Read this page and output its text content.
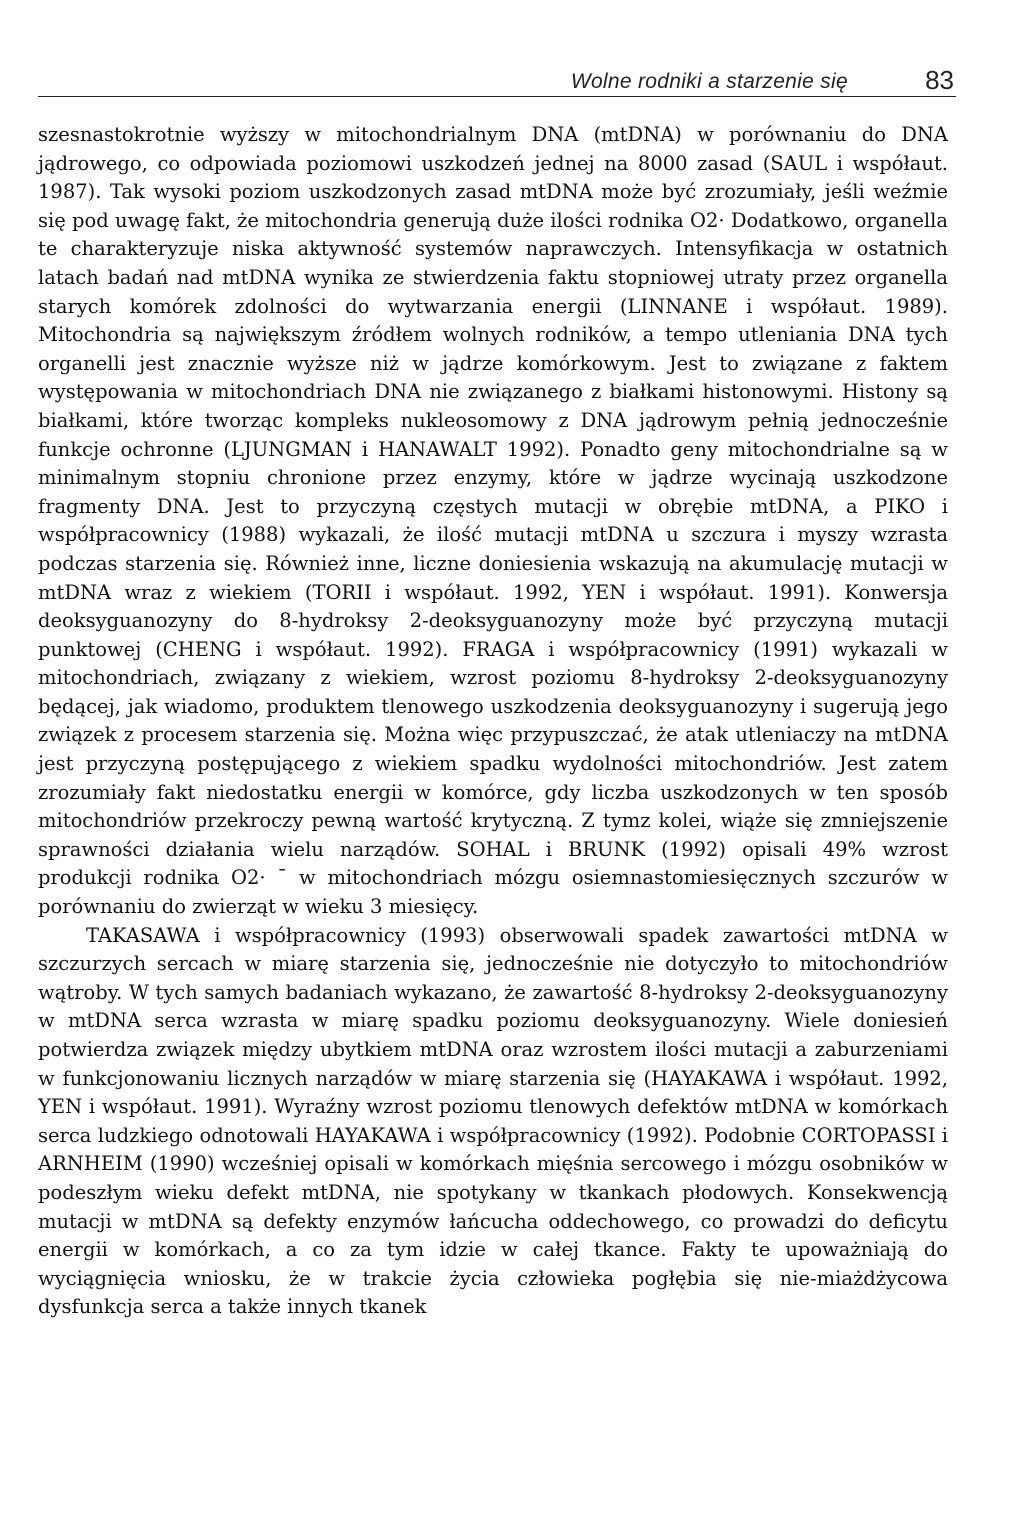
Wolne rodniki a starzenie się	83

szesnastokrotnie wyższy w mitochondrialnym DNA (mtDNA) w porównaniu do DNA jądrowego, co odpowiada poziomowi uszkodzeń jednej na 8000 zasad (SAUL i współaut. 1987). Tak wysoki poziom uszkodzonych zasad mtDNA może być zrozumiały, jeśli weźmie się pod uwagę fakt, że mitochondria generują duże ilości rodnika O2· Dodatkowo, organella te charakteryzuje niska aktywność systemów naprawczych. Intensyfikacja w ostatnich latach badań nad mtDNA wynika ze stwierdzenia faktu stopniowej utraty przez organella starych komórek zdolności do wytwarzania energii (LINNANE i współaut. 1989). Mitochondria są największym źródłem wolnych rodników, a tempo utleniania DNA tych organelli jest znacznie wyższe niż w jądrze komórkowym. Jest to związane z faktem występowania w mitochondriach DNA nie związanego z białkami histonowymi. Histony są białkami, które tworząc kompleks nukleosomowy z DNA jądrowym pełnią jednocześnie funkcje ochronne (LJUNGMAN i HANAWALT 1992). Ponadto geny mitochondrialne są w minimalnym stopniu chronione przez enzymy, które w jądrze wycinają uszkodzone fragmenty DNA. Jest to przyczyną częstych mutacji w obrębie mtDNA, a PIKO i współpracownicy (1988) wykazali, że ilość mutacji mtDNA u szczura i myszy wzrasta podczas starzenia się. Również inne, liczne doniesienia wskazują na akumulację mutacji w mtDNA wraz z wiekiem (TORII i współaut. 1992, YEN i współaut. 1991). Konwersja deoksyguanozyny do 8-hydroksy 2-deoksyguanozyny może być przyczyną mutacji punktowej (CHENG i współaut. 1992). FRAGA i współpracownicy (1991) wykazali w mitochondriach, związany z wiekiem, wzrost poziomu 8-hydroksy 2-deoksyguanozyny będącej, jak wiadomo, produktem tlenowego uszkodzenia deoksyguanozyny i sugerują jego związek z procesem starzenia się. Można więc przypuszczać, że atak utleniaczy na mtDNA jest przyczyną postępującego z wiekiem spadku wydolności mitochondriów. Jest zatem zrozumiały fakt niedostatku energii w komórce, gdy liczba uszkodzonych w ten sposób mitochondriów przekroczy pewną wartość krytyczną. Z tymz kolei, wiąże się zmniejszenie sprawności działania wielu narządów. SOHAL i BRUNK (1992) opisali 49% wzrost produkcji rodnika O2· ¯ w mitochondriach mózgu osiemnastomiesięcznych szczurów w porównaniu do zwierząt w wieku 3 miesięcy.

TAKASAWA i współpracownicy (1993) obserwowali spadek zawartości mtDNA w szczurzych sercach w miarę starzenia się, jednocześnie nie dotyczyło to mitochondriów wątroby. W tych samych badaniach wykazano, że zawartość 8-hydroksy 2-deoksyguanozyny w mtDNA serca wzrasta w miarę spadku poziomu deoksyguanozyny. Wiele doniesień potwierdza związek między ubytkiem mtDNA oraz wzrostem ilości mutacji a zaburzeniami w funkcjonowaniu licznych narządów w miarę starzenia się (HAYAKAWA i współaut. 1992, YEN i współaut. 1991). Wyraźny wzrost poziomu tlenowych defektów mtDNA w komórkach serca ludzkiego odnotowali HAYAKAWA i współpracownicy (1992). Podobnie CORTOPASSI i ARNHEIM (1990) wcześniej opisali w komórkach mięśnia sercowego i mózgu osobników w podeszłym wieku defekt mtDNA, nie spotykany w tkankach płodowych. Konsekwencją mutacji w mtDNA są defekty enzymów łańcucha oddechowego, co prowadzi do deficytu energii w komórkach, a co za tym idzie w całej tkance. Fakty te upoważniają do wyciągnięcia wniosku, że w trakcie życia człowieka pogłębia się nie-miażdżycowa dysfunkcja serca a także innych tkanek
